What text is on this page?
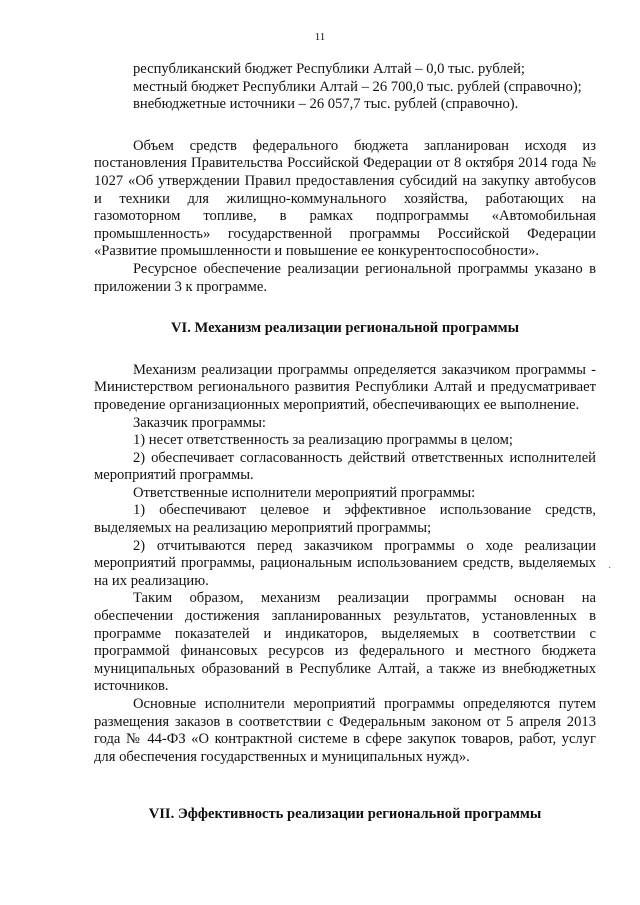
11

республиканский бюджет Республики Алтай – 0,0 тыс. рублей;

местный бюджет Республики Алтай – 26 700,0 тыс. рублей (справочно);

внебюджетные источники – 26 057,7 тыс. рублей (справочно).

Объем средств федерального бюджета запланирован исходя из постановления Правительства Российской Федерации от 8 октября 2014 года № 1027 «Об утверждении Правил предоставления субсидий на закупку автобусов и техники для жилищно-коммунального хозяйства, работающих на газомоторном топливе, в рамках подпрограммы «Автомобильная промышленность» государственной программы Российской Федерации «Развитие промышленности и повышение ее конкурентоспособности».

Ресурсное обеспечение реализации региональной программы указано в приложении 3 к программе.

VI. Механизм реализации региональной программы

Механизм реализации программы определяется заказчиком программы - Министерством регионального развития Республики Алтай и предусматривает проведение организационных мероприятий, обеспечивающих ее выполнение.

Заказчик программы:

1) несет ответственность за реализацию программы в целом;

2) обеспечивает согласованность действий ответственных исполнителей мероприятий программы.

Ответственные исполнители мероприятий программы:

1) обеспечивают целевое и эффективное использование средств, выделяемых на реализацию мероприятий программы;

2) отчитываются перед заказчиком программы о ходе реализации мероприятий программы, рациональным использованием средств, выделяемых на их реализацию.

Таким образом, механизм реализации программы основан на обеспечении достижения запланированных результатов, установленных в программе показателей и индикаторов, выделяемых в соответствии с программой финансовых ресурсов из федерального и местного бюджета муниципальных образований в Республике Алтай, а также из внебюджетных источников.

Основные исполнители мероприятий программы определяются путем размещения заказов в соответствии с Федеральным законом от 5 апреля 2013 года № 44-ФЗ «О контрактной системе в сфере закупок товаров, работ, услуг для обеспечения государственных и муниципальных нужд».

VII. Эффективность реализации региональной программы
·
